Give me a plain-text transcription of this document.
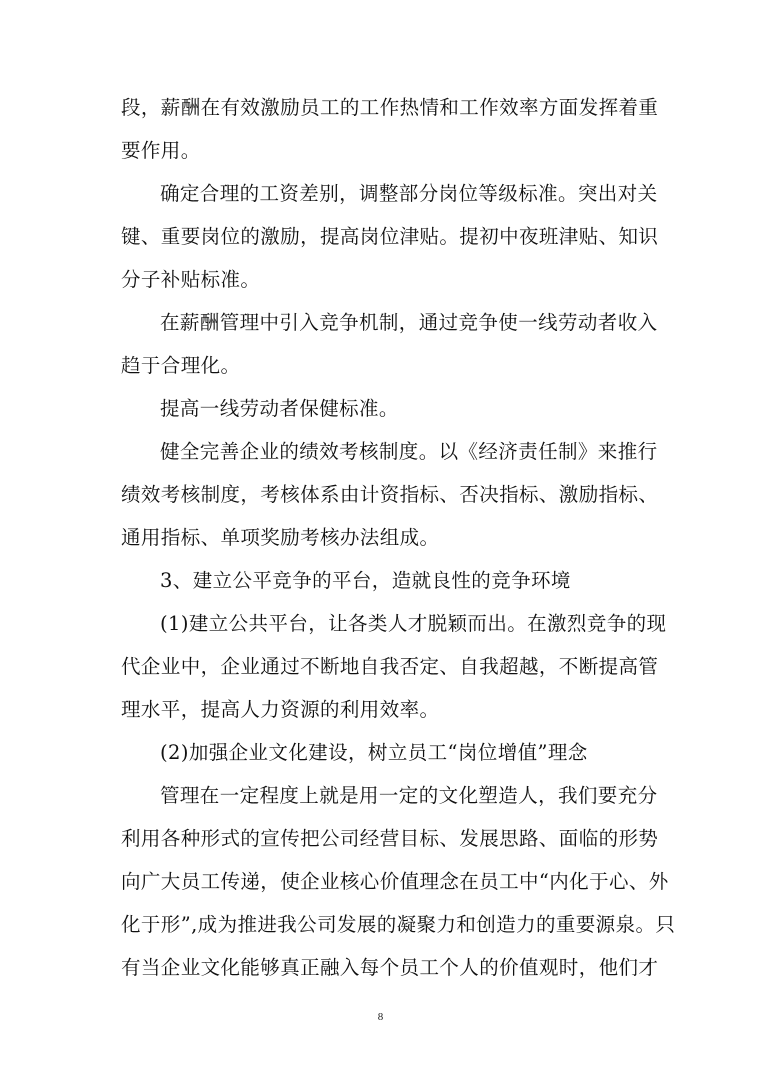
段，薪酬在有效激励员工的工作热情和工作效率方面发挥着重
要作用。
确定合理的工资差别，调整部分岗位等级标准。突出对关
键、重要岗位的激励，提高岗位津贴。提初中夜班津贴、知识
分子补贴标准。
在薪酬管理中引入竞争机制，通过竞争使一线劳动者收入
趋于合理化。
提高一线劳动者保健标准。
健全完善企业的绩效考核制度。以《经济责任制》来推行
绩效考核制度，考核体系由计资指标、否决指标、激励指标、
通用指标、单项奖励考核办法组成。
3、建立公平竞争的平台，造就良性的竞争环境
(1)建立公共平台，让各类人才脱颖而出。在激烈竞争的现
代企业中，企业通过不断地自我否定、自我超越，不断提高管
理水平，提高人力资源的利用效率。
(2)加强企业文化建设，树立员工“岗位增值”理念
管理在一定程度上就是用一定的文化塑造人，我们要充分
利用各种形式的宣传把公司经营目标、发展思路、面临的形势
向广大员工传递，使企业核心价值理念在员工中“内化于心、外
化于形”,成为推进我公司发展的凝聚力和创造力的重要源泉。只
有当企业文化能够真正融入每个员工个人的价值观时，他们才
8
